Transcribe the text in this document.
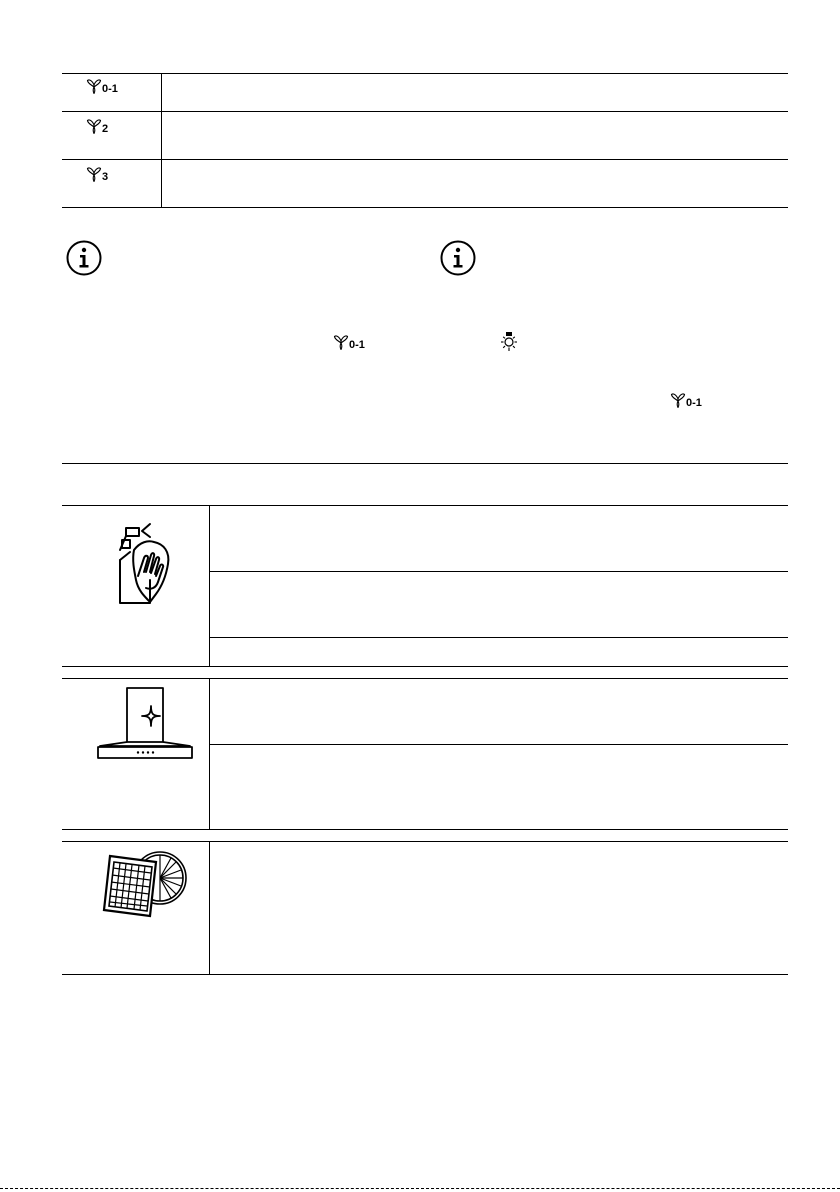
0-1
2
3
0-1
0-1
